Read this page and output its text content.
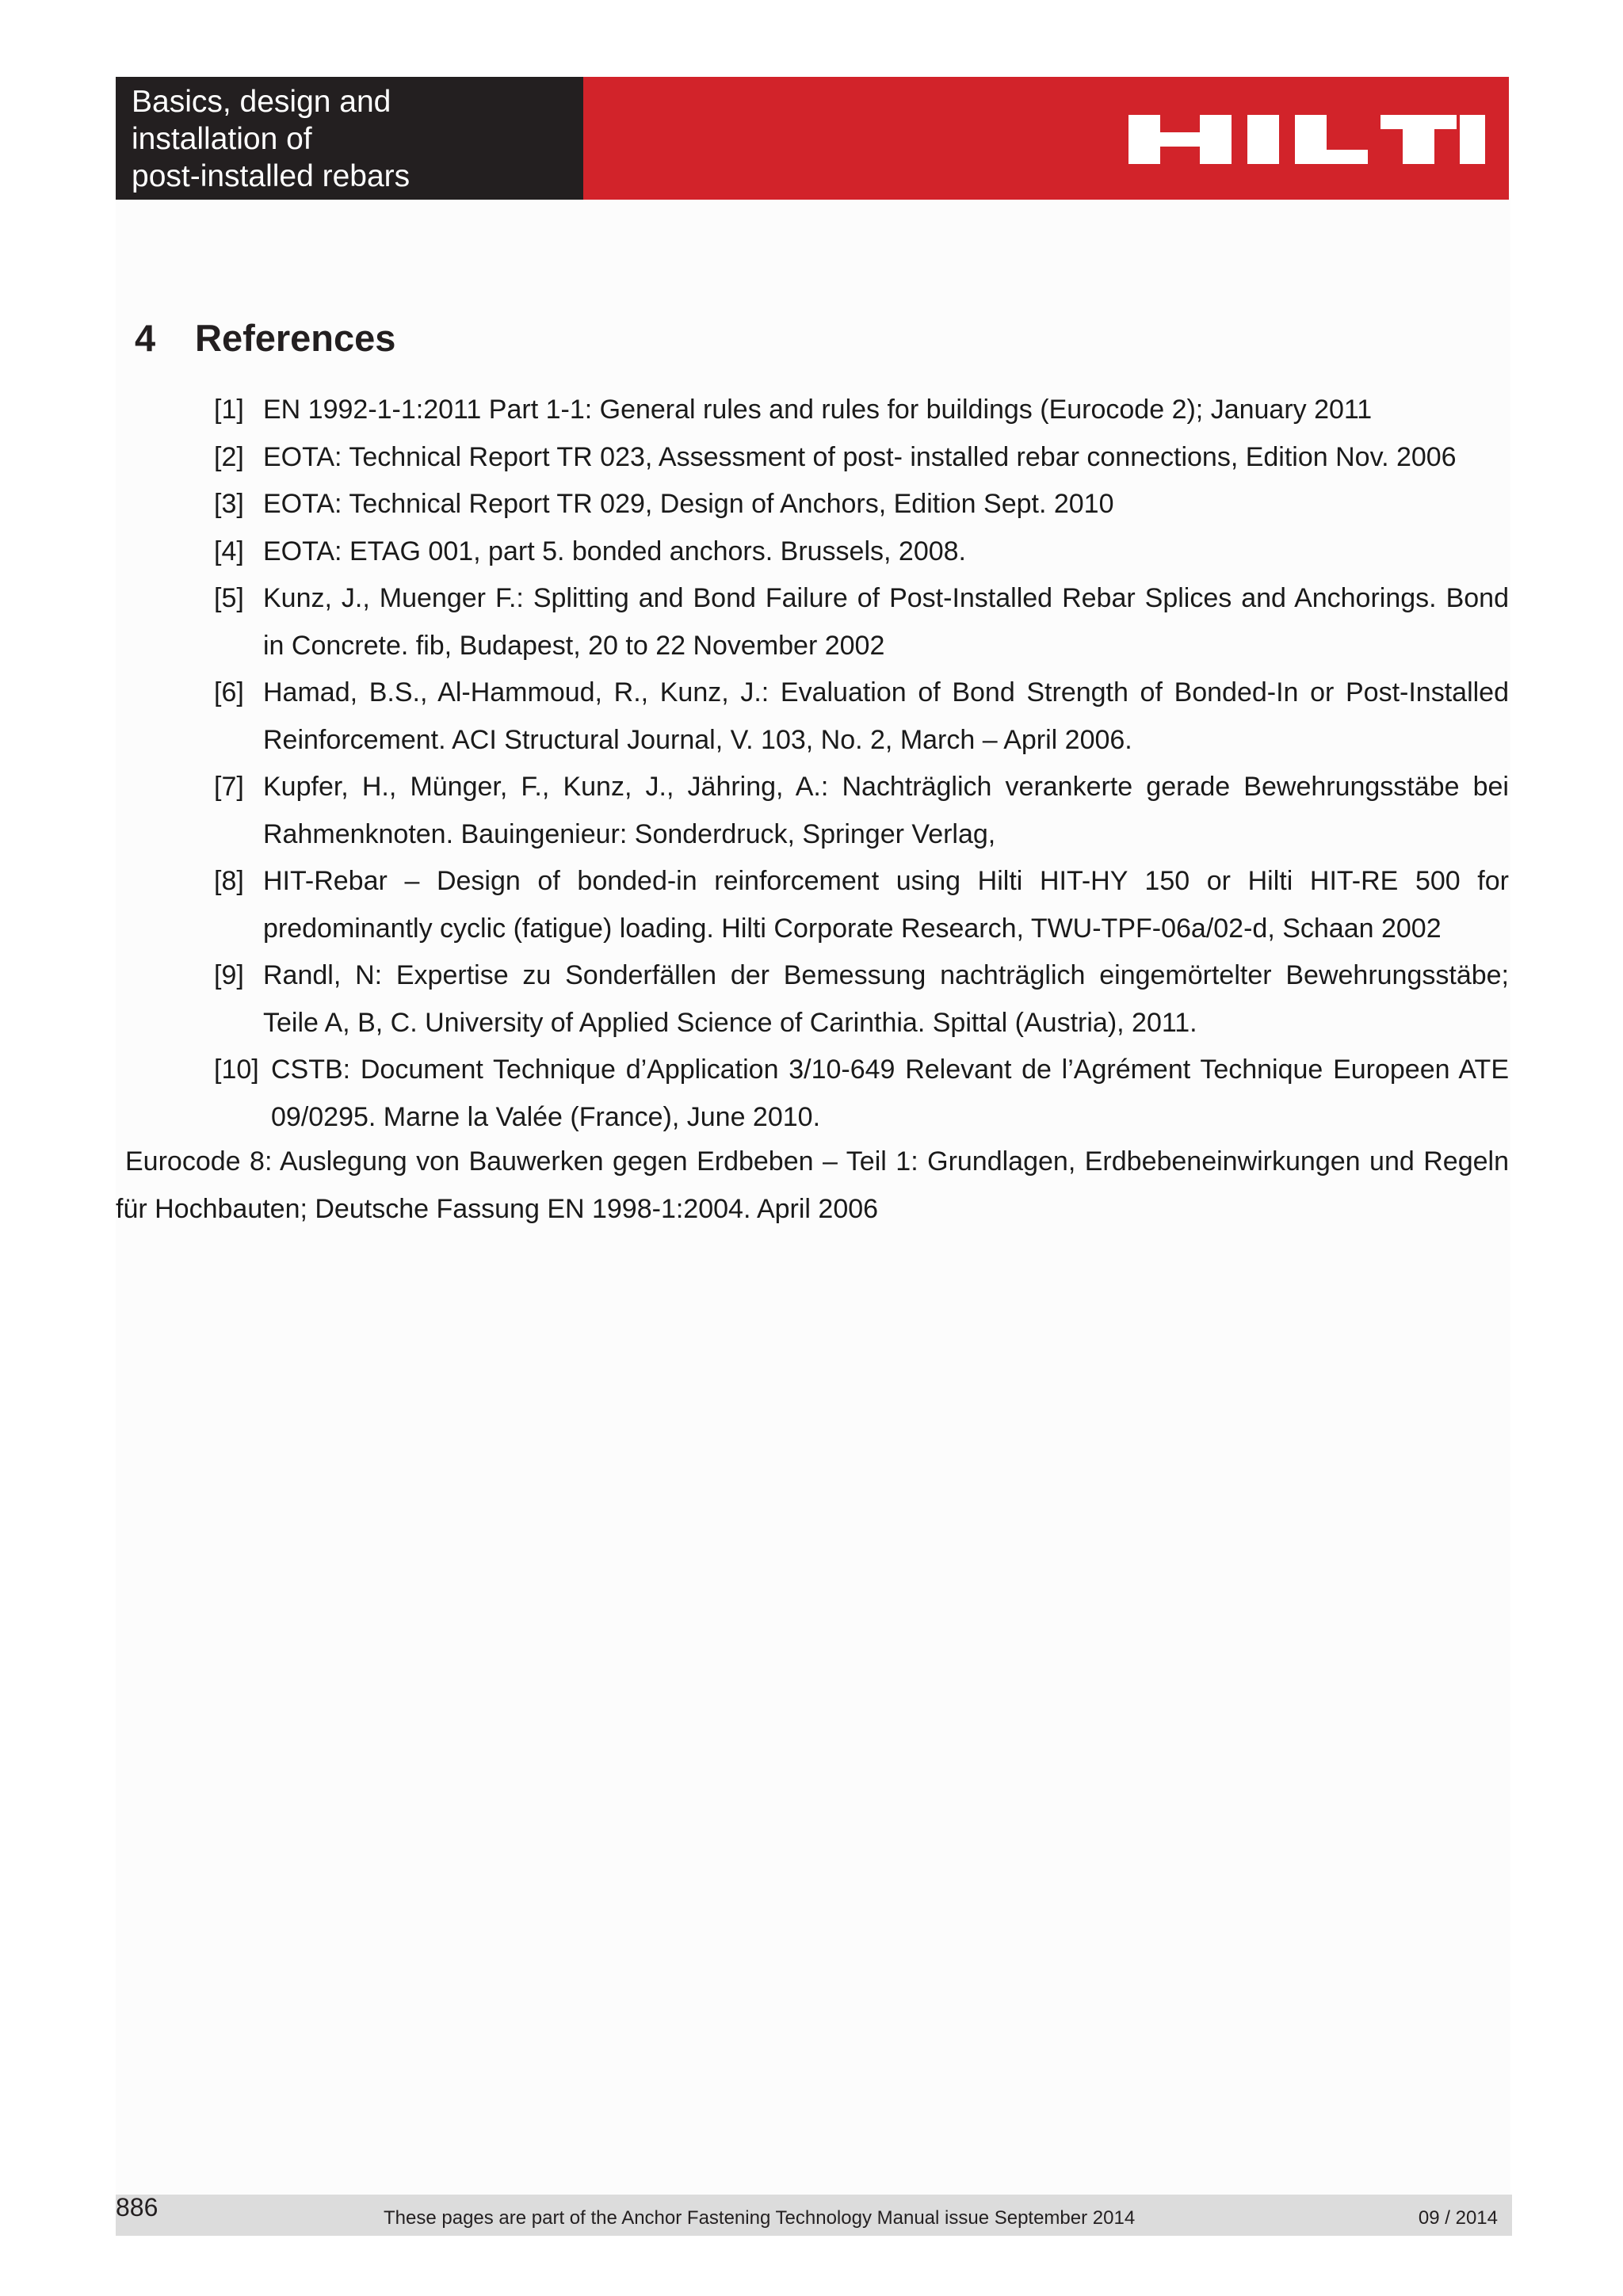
Basics, design and
installation of
post-installed rebars
4 References
[1] EN 1992-1-1:2011 Part 1-1: General rules and rules for buildings (Eurocode 2); January 2011
[2] EOTA: Technical Report TR 023, Assessment of post- installed rebar connections, Edition Nov. 2006
[3] EOTA: Technical Report TR 029, Design of Anchors, Edition Sept. 2010
[4] EOTA: ETAG 001, part 5. bonded anchors. Brussels, 2008.
[5] Kunz, J., Muenger F.: Splitting and Bond Failure of Post-Installed Rebar Splices and Anchorings. Bond in Concrete. fib, Budapest, 20 to 22 November 2002
[6] Hamad, B.S., Al-Hammoud, R., Kunz, J.: Evaluation of Bond Strength of Bonded-In or Post-Installed Reinforcement. ACI Structural Journal, V. 103, No. 2, March – April 2006.
[7] Kupfer, H., Münger, F., Kunz, J., Jähring, A.: Nachträglich verankerte gerade Bewehrungsstäbe bei Rahmenknoten. Bauingenieur: Sonderdruck, Springer Verlag,
[8] HIT-Rebar – Design of bonded-in reinforcement using Hilti HIT-HY 150 or Hilti HIT-RE 500 for predominantly cyclic (fatigue) loading. Hilti Corporate Research, TWU-TPF-06a/02-d, Schaan 2002
[9] Randl, N: Expertise zu Sonderfällen der Bemessung nachträglich eingemörtelter Bewehrungsstäbe; Teile A, B, C. University of Applied Science of Carinthia. Spittal (Austria), 2011.
[10] CSTB: Document Technique d’Application 3/10-649 Relevant de l’Agrément Technique Europeen ATE 09/0295. Marne la Valée (France), June 2010.

Eurocode 8: Auslegung von Bauwerken gegen Erdbeben – Teil 1: Grundlagen, Erdbebeneinwirkungen und Regeln für Hochbauten; Deutsche Fassung EN 1998-1:2004. April 2006

886	These pages are part of the Anchor Fastening Technology Manual issue September 2014	09 / 2014
